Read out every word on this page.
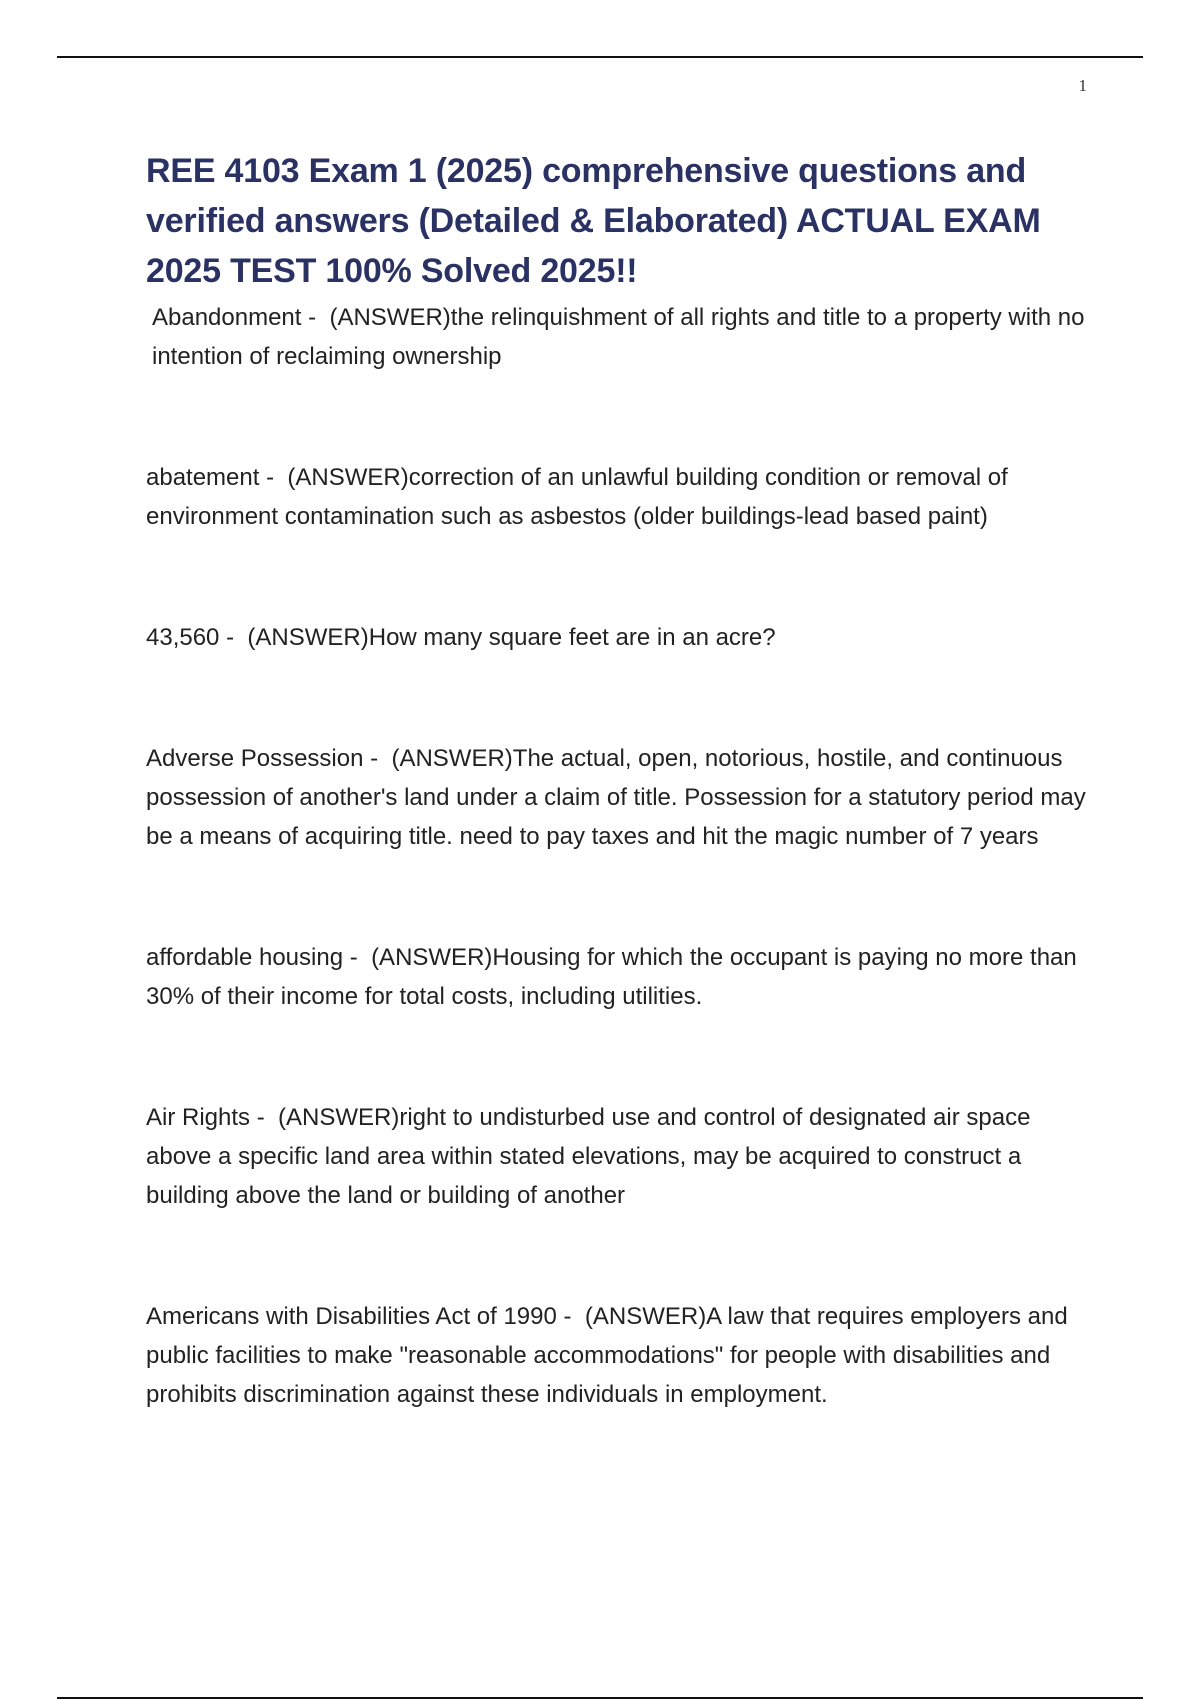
1
REE 4103 Exam 1 (2025) comprehensive questions and verified answers (Detailed & Elaborated) ACTUAL EXAM 2025 TEST 100% Solved 2025!!

Abandonment -  (ANSWER)the relinquishment of all rights and title to a property with no intention of reclaiming ownership

abatement -  (ANSWER)correction of an unlawful building condition or removal of environment contamination such as asbestos (older buildings-lead based paint)

43,560 -  (ANSWER)How many square feet are in an acre?

Adverse Possession -  (ANSWER)The actual, open, notorious, hostile, and continuous possession of another's land under a claim of title. Possession for a statutory period may be a means of acquiring title. need to pay taxes and hit the magic number of 7 years

affordable housing -  (ANSWER)Housing for which the occupant is paying no more than 30% of their income for total costs, including utilities.

Air Rights -  (ANSWER)right to undisturbed use and control of designated air space above a specific land area within stated elevations, may be acquired to construct a building above the land or building of another

Americans with Disabilities Act of 1990 -  (ANSWER)A law that requires employers and public facilities to make "reasonable accommodations" for people with disabilities and prohibits discrimination against these individuals in employment.
